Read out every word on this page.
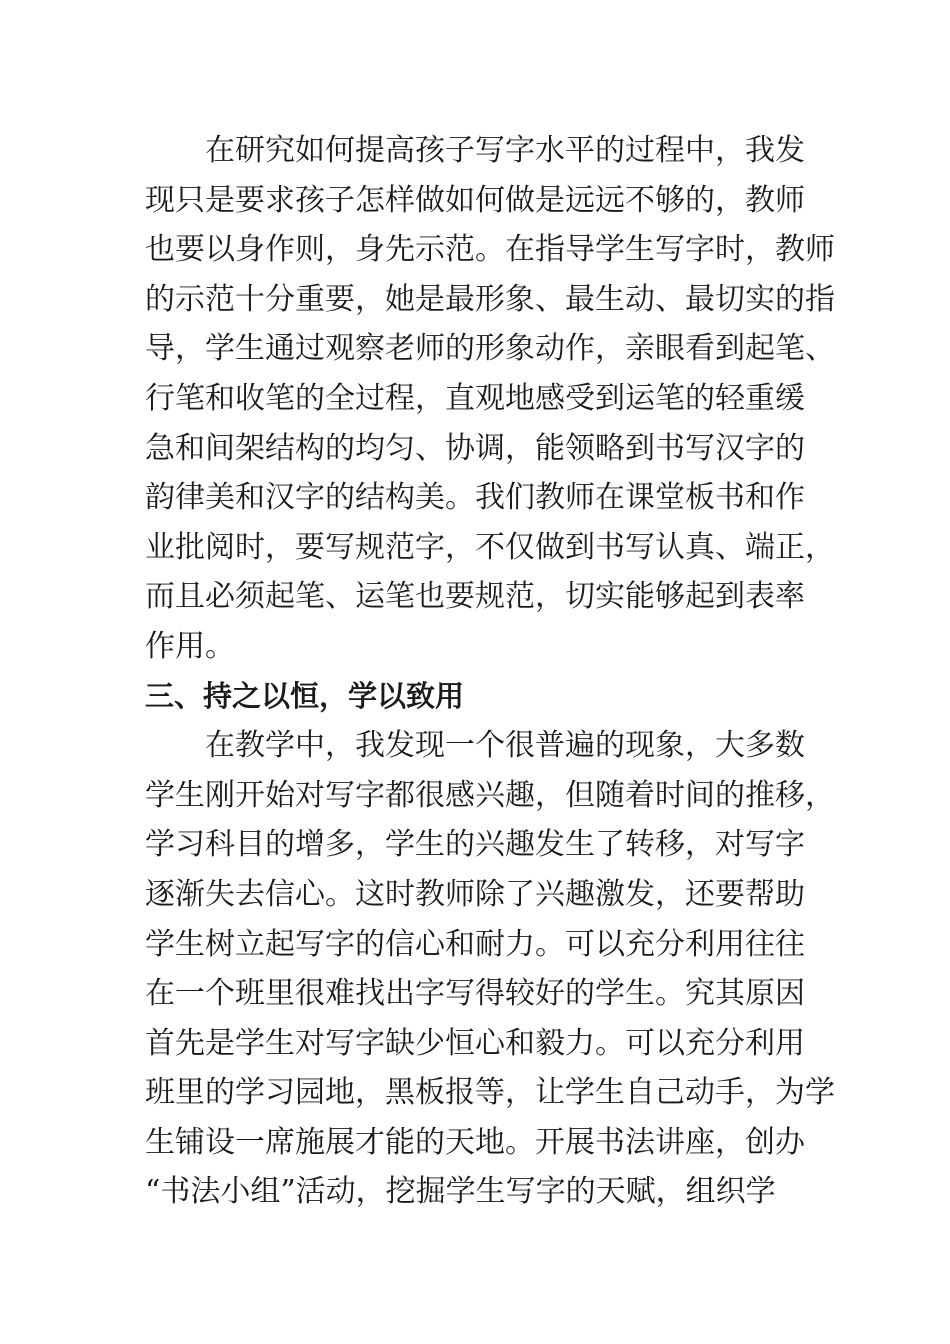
在研究如何提高孩子写字水平的过程中，我发
现只是要求孩子怎样做如何做是远远不够的，教师
也要以身作则，身先示范。在指导学生写字时，教师
的示范十分重要，她是最形象、最生动、最切实的指
导，学生通过观察老师的形象动作，亲眼看到起笔、
行笔和收笔的全过程，直观地感受到运笔的轻重缓
急和间架结构的均匀、协调，能领略到书写汉字的
韵律美和汉字的结构美。我们教师在课堂板书和作
业批阅时，要写规范字，不仅做到书写认真、端正，
而且必须起笔、运笔也要规范，切实能够起到表率
作用。
三、持之以恒，学以致用
在教学中，我发现一个很普遍的现象，大多数
学生刚开始对写字都很感兴趣，但随着时间的推移，
学习科目的增多，学生的兴趣发生了转移，对写字
逐渐失去信心。这时教师除了兴趣激发，还要帮助
学生树立起写字的信心和耐力。可以充分利用往往
在一个班里很难找出字写得较好的学生。究其原因
首先是学生对写字缺少恒心和毅力。可以充分利用
班里的学习园地，黑板报等，让学生自己动手，为学
生铺设一席施展才能的天地。开展书法讲座，创办
“书法小组”活动，挖掘学生写字的天赋，组织学
